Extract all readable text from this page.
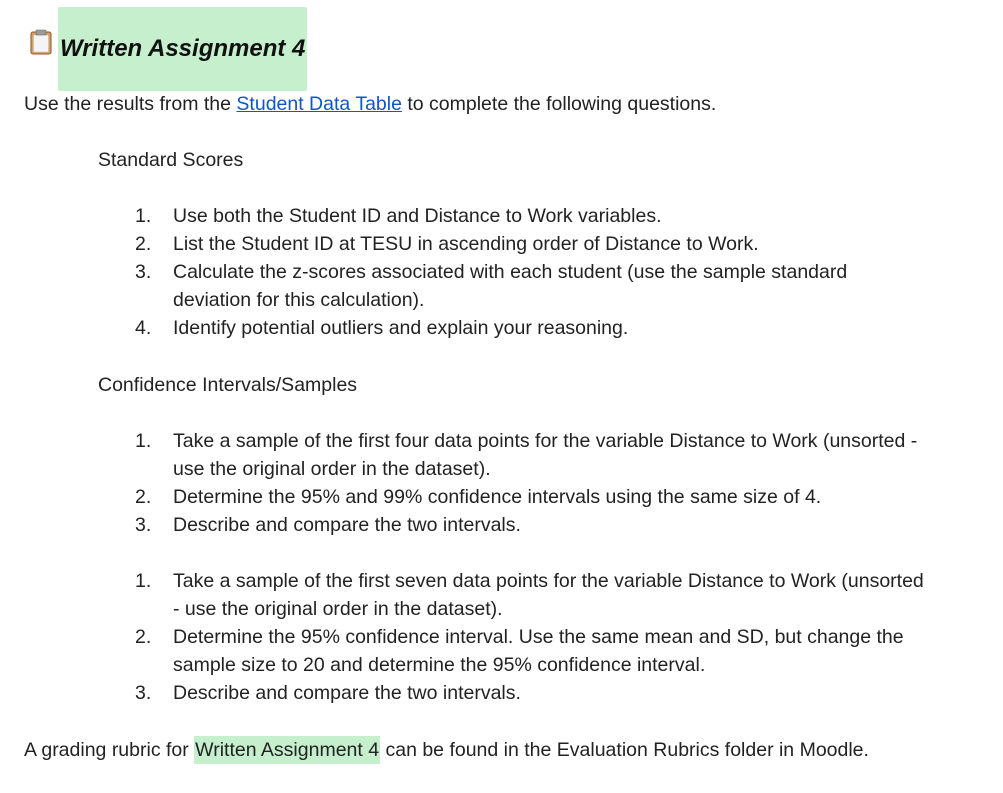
Written Assignment 4
Use the results from the Student Data Table to complete the following questions.
Standard Scores
1.	Use both the Student ID and Distance to Work variables.
2.	List the Student ID at TESU in ascending order of Distance to Work.
3.	Calculate the z-scores associated with each student (use the sample standard deviation for this calculation).
4.	Identify potential outliers and explain your reasoning.
Confidence Intervals/Samples
1.	Take a sample of the first four data points for the variable Distance to Work (unsorted - use the original order in the dataset).
2.	Determine the 95% and 99% confidence intervals using the same size of 4.
3.	Describe and compare the two intervals.
1.	Take a sample of the first seven data points for the variable Distance to Work (unsorted - use the original order in the dataset).
2.	Determine the 95% confidence interval. Use the same mean and SD, but change the sample size to 20 and determine the 95% confidence interval.
3.	Describe and compare the two intervals.
A grading rubric for Written Assignment 4 can be found in the Evaluation Rubrics folder in Moodle.
